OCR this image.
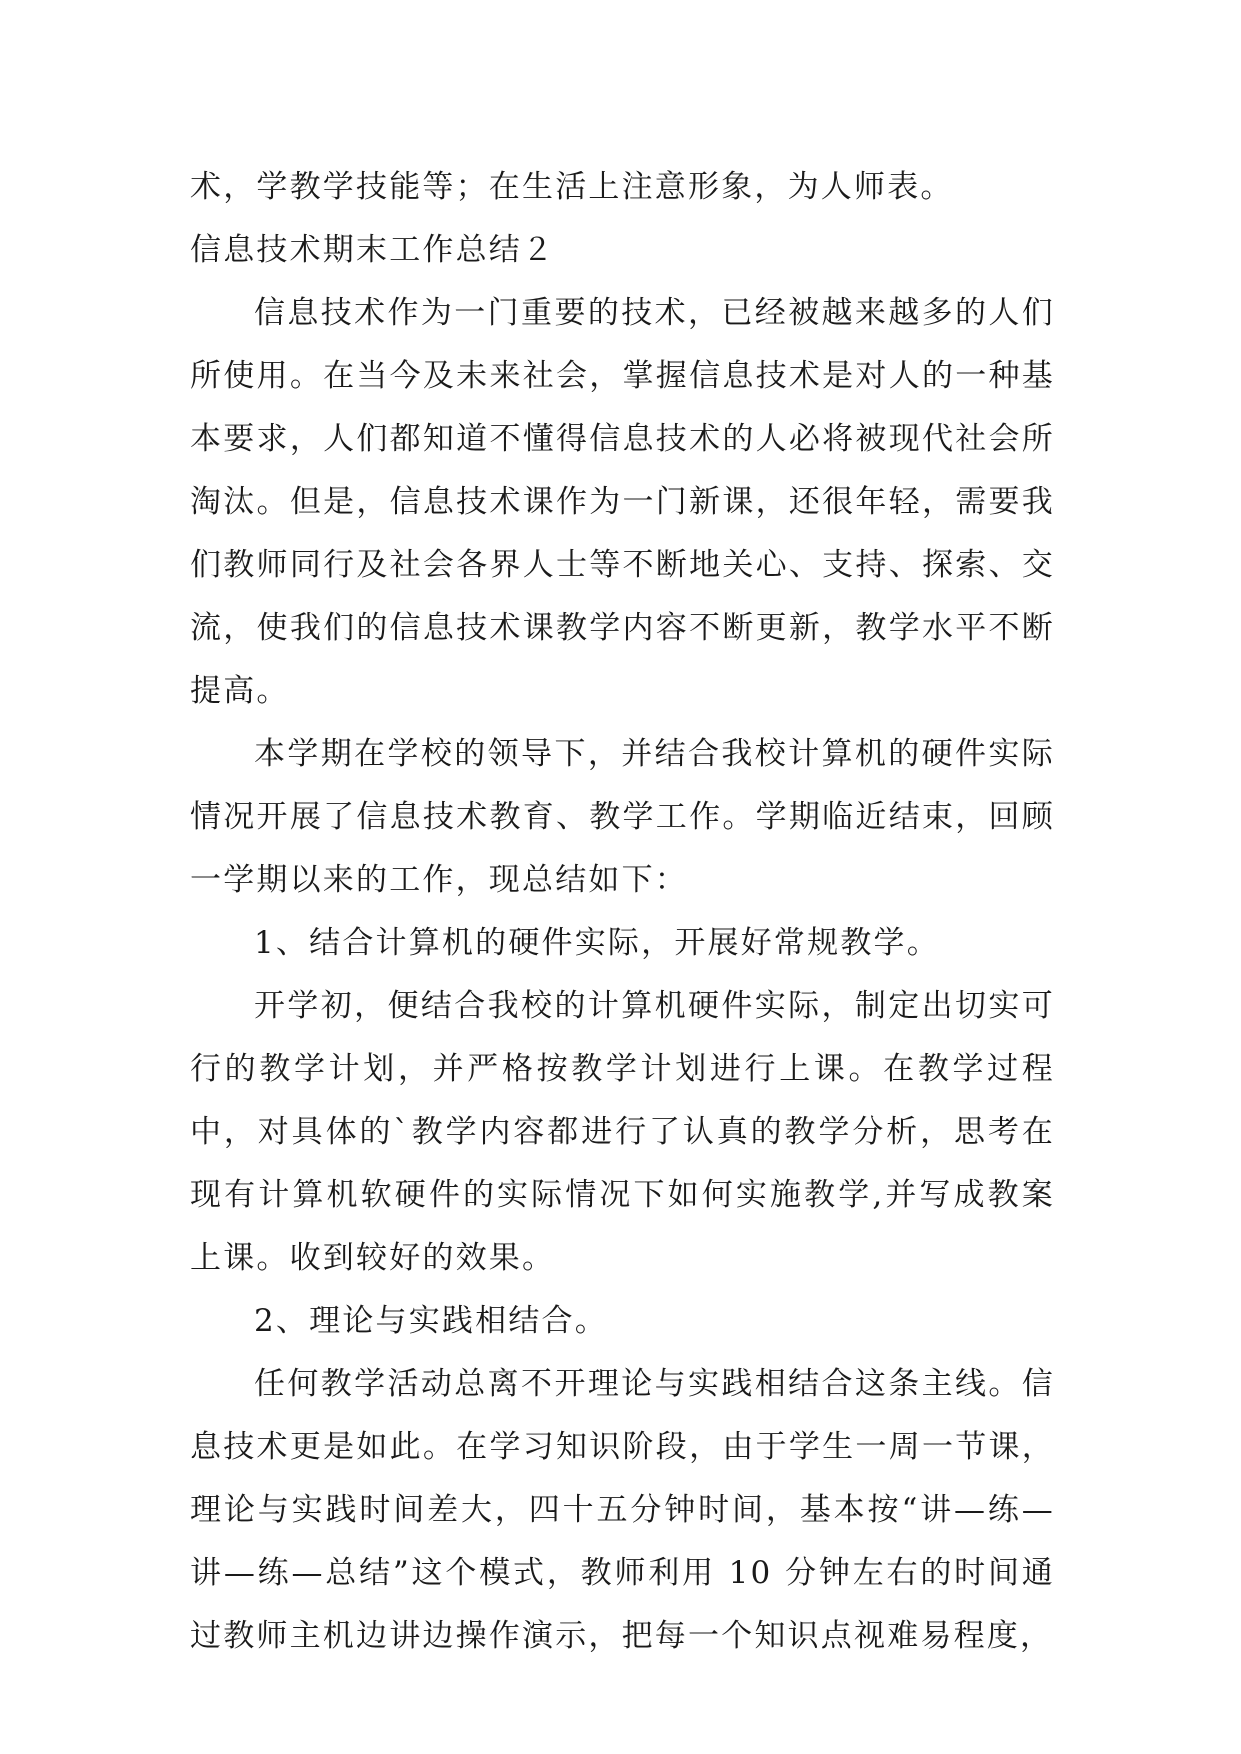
术，学教学技能等；在生活上注意形象，为人师表。
信息技术期末工作总结２

信息技术作为一门重要的技术，已经被越来越多的人们所使用。在当今及未来社会，掌握信息技术是对人的一种基本要求，人们都知道不懂得信息技术的人必将被现代社会所淘汰。但是，信息技术课作为一门新课，还很年轻，需要我们教师同行及社会各界人士等不断地关心、支持、探索、交流，使我们的信息技术课教学内容不断更新，教学水平不断提高。

本学期在学校的领导下，并结合我校计算机的硬件实际情况开展了信息技术教育、教学工作。学期临近结束，回顾一学期以来的工作，现总结如下：

1、结合计算机的硬件实际，开展好常规教学。

开学初，便结合我校的计算机硬件实际，制定出切实可行的教学计划，并严格按教学计划进行上课。在教学过程中，对具体的`教学内容都进行了认真的教学分析，思考在现有计算机软硬件的实际情况下如何实施教学,并写成教案上课。收到较好的效果。

2、理论与实践相结合。

任何教学活动总离不开理论与实践相结合这条主线。信息技术更是如此。在学习知识阶段，由于学生一周一节课，理论与实践时间差大，四十五分钟时间，基本按“讲—练—讲—练—总结”这个模式，教师利用 10 分钟左右的时间通过教师主机边讲边操作演示，把每一个知识点视难易程度，
